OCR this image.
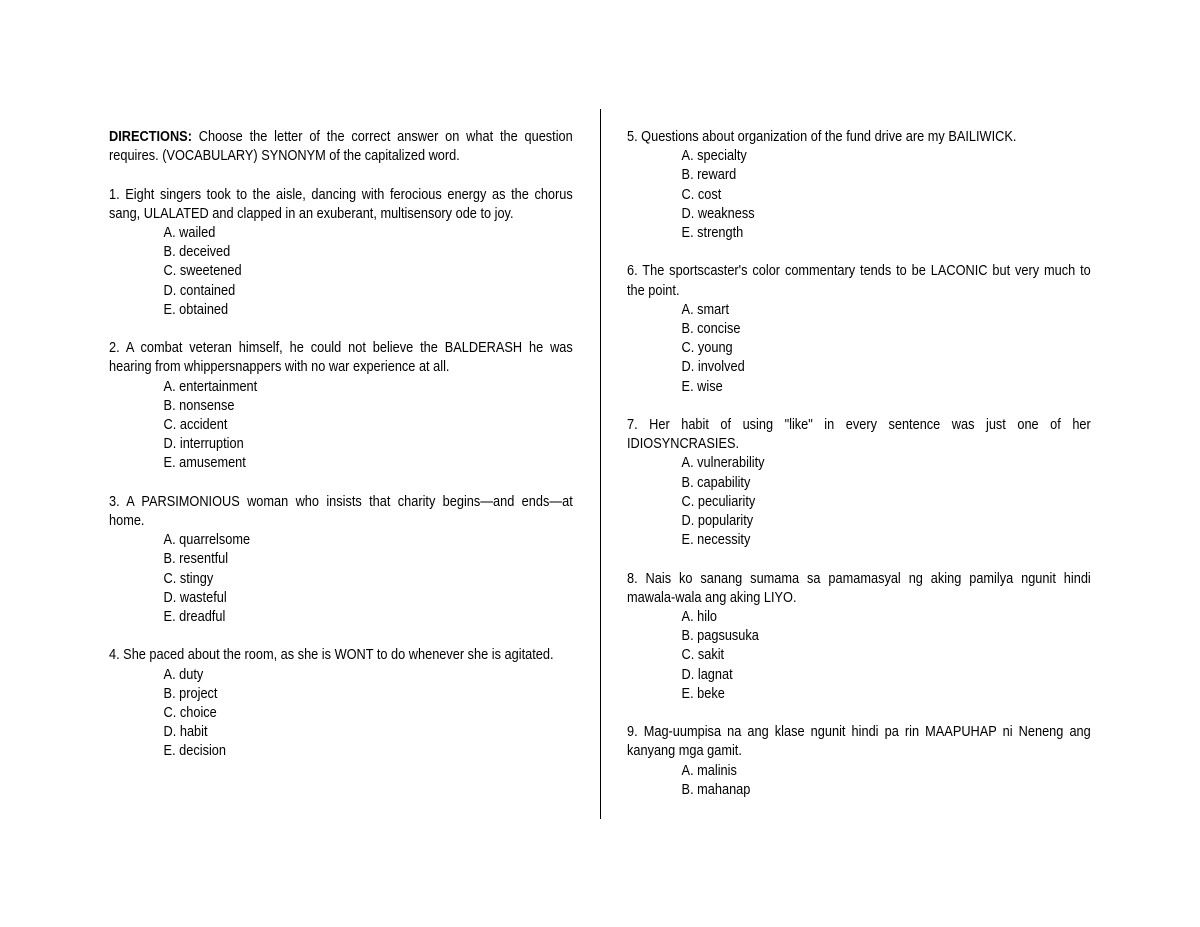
DIRECTIONS: Choose the letter of the correct answer on what the question requires. (VOCABULARY) SYNONYM of the capitalized word.

1. Eight singers took to the aisle, dancing with ferocious energy as the chorus sang, ULALATED and clapped in an exuberant, multisensory ode to joy.

A. wailed
B. deceived
C. sweetened
D. contained
E. obtained

2. A combat veteran himself, he could not believe the BALDERASH he was hearing from whippersnappers with no war experience at all.

A. entertainment
B. nonsense
C. accident
D. interruption
E. amusement

3. A PARSIMONIOUS woman who insists that charity begins—and ends—at home.

A. quarrelsome
B. resentful
C. stingy
D. wasteful
E. dreadful

4. She paced about the room, as she is WONT to do whenever she is agitated.

A. duty
B. project
C. choice
D. habit
E. decision

5. Questions about organization of the fund drive are my BAILIWICK.

A. specialty
B. reward
C. cost
D. weakness
E. strength

6. The sportscaster's color commentary tends to be LACONIC but very much to the point.

A. smart
B. concise
C. young
D. involved
E. wise

7. Her habit of using "like" in every sentence was just one of her IDIOSYNCRASIES.

A. vulnerability
B. capability
C. peculiarity
D. popularity
E. necessity

8. Nais ko sanang sumama sa pamamasyal ng aking pamilya ngunit hindi mawala-wala ang aking LIYO.

A. hilo
B. pagsusuka
C. sakit
D. lagnat
E. beke

9. Mag-uumpisa na ang klase ngunit hindi pa rin MAAPUHAP ni Neneng ang kanyang mga gamit.

A. malinis
B. mahanap
